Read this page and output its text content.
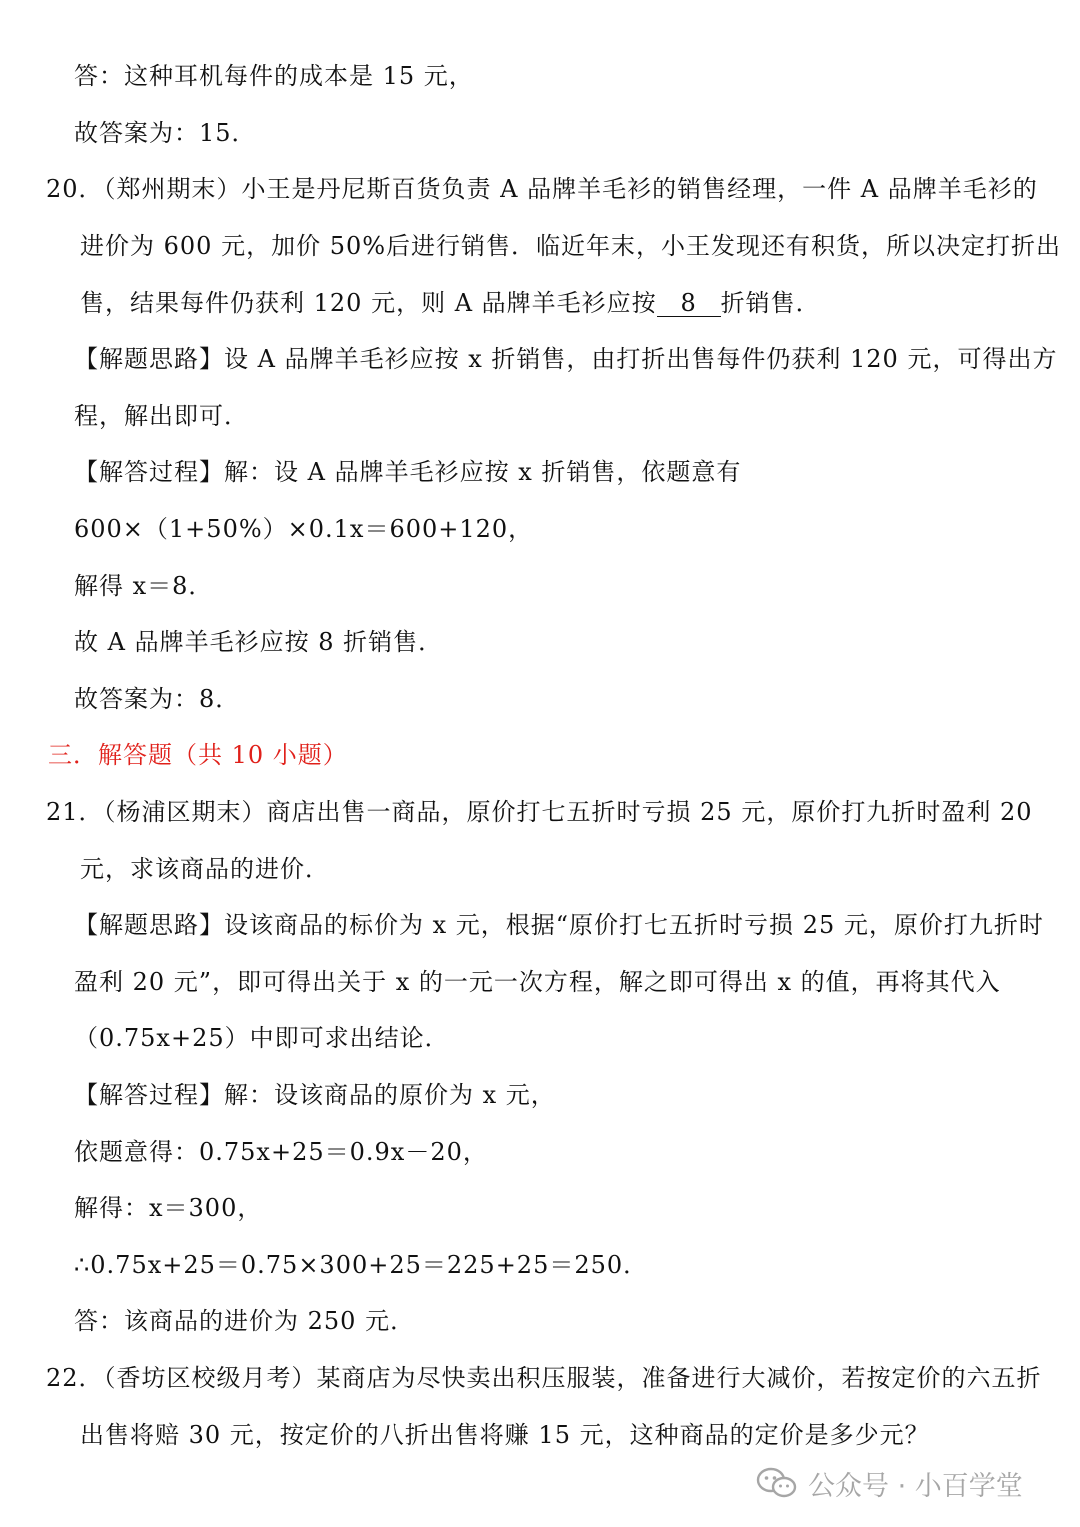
答：这种耳机每件的成本是 15 元，
故答案为：15．
20．（郑州期末）小王是丹尼斯百货负责 A 品牌羊毛衫的销售经理，一件 A 品牌羊毛衫的
进价为 600 元，加价 50%后进行销售．临近年末，小王发现还有积货，所以决定打折出
售，结果每件仍获利 120 元，则 A 品牌羊毛衫应按 8 折销售．
【解题思路】设 A 品牌羊毛衫应按 x 折销售，由打折出售每件仍获利 120 元，可得出方
程，解出即可．
【解答过程】解：设 A 品牌羊毛衫应按 x 折销售，依题意有
600×（1+50%）×0.1x＝600+120，
解得 x＝8．
故 A 品牌羊毛衫应按 8 折销售．
故答案为：8．
三．解答题（共 10 小题）
21．（杨浦区期末）商店出售一商品，原价打七五折时亏损 25 元，原价打九折时盈利 20
元，求该商品的进价．
【解题思路】设该商品的标价为 x 元，根据“原价打七五折时亏损 25 元，原价打九折时
盈利 20 元”，即可得出关于 x 的一元一次方程，解之即可得出 x 的值，再将其代入
（0.75x+25）中即可求出结论．
【解答过程】解：设该商品的原价为 x 元，
依题意得：0.75x+25＝0.9x－20，
解得：x＝300，
∴0.75x+25＝0.75×300+25＝225+25＝250．
答：该商品的进价为 250 元．
22．（香坊区校级月考）某商店为尽快卖出积压服装，准备进行大减价，若按定价的六五折
出售将赔 30 元，按定价的八折出售将赚 15 元，这种商品的定价是多少元？
公众号 · 小百学堂
